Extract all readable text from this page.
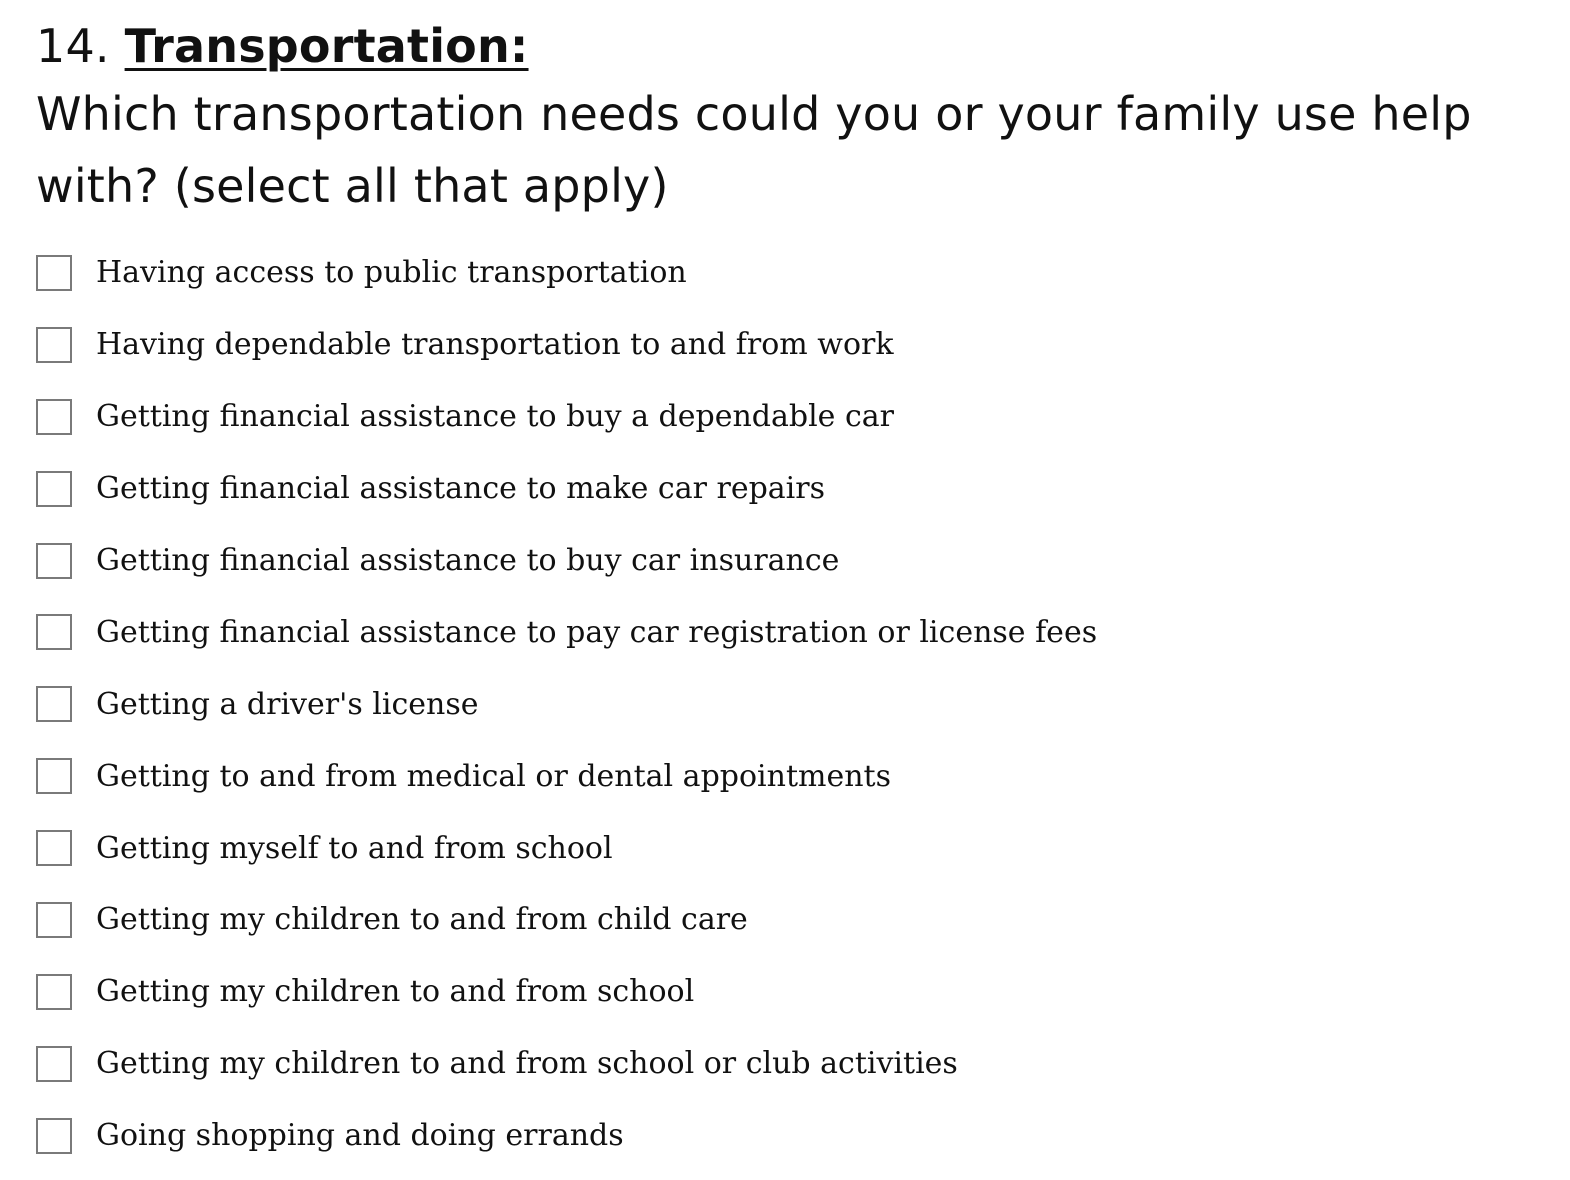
14. Transportation:

Which transportation needs could you or your family use help with? (select all that apply)

Having access to public transportation
Having dependable transportation to and from work
Getting financial assistance to buy a dependable car
Getting financial assistance to make car repairs
Getting financial assistance to buy car insurance
Getting financial assistance to pay car registration or license fees
Getting a driver's license
Getting to and from medical or dental appointments
Getting myself to and from school
Getting my children to and from child care
Getting my children to and from school
Getting my children to and from school or club activities
Going shopping and doing errands
